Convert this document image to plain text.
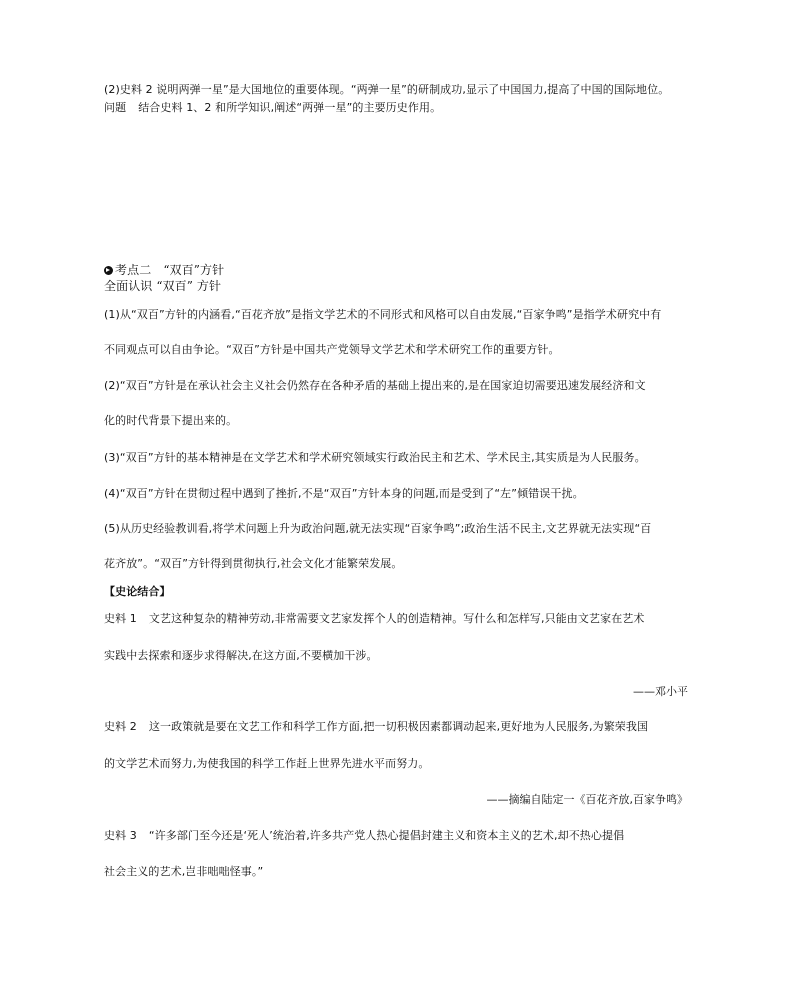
(2)史料 2 说明两弹一星”是大国地位的重要体现。“两弹一星”的研制成功,显示了中国国力,提高了中国的国际地位。
问题 结合史料 1、2 和所学知识,阐述“两弹一星”的主要历史作用。
考点二 “双百”方针
全面认识 “双百” 方针
(1)从“双百”方针的内涵看,“百花齐放”是指文学艺术的不同形式和风格可以自由发展,“百家争鸣”是指学术研究中有
不同观点可以自由争论。“双百”方针是中国共产党领导文学艺术和学术研究工作的重要方针。
(2)“双百”方针是在承认社会主义社会仍然存在各种矛盾的基础上提出来的,是在国家迫切需要迅速发展经济和文
化的时代背景下提出来的。
(3)“双百”方针的基本精神是在文学艺术和学术研究领域实行政治民主和艺术、学术民主,其实质是为人民服务。
(4)“双百”方针在贯彻过程中遇到了挫折,不是“双百”方针本身的问题,而是受到了“左”倾错误干扰。
(5)从历史经验教训看,将学术问题上升为政治问题,就无法实现“百家争鸣”;政治生活不民主,文艺界就无法实现“百
花齐放”。“双百”方针得到贯彻执行,社会文化才能繁荣发展。
【史论结合】
史料 1 文艺这种复杂的精神劳动,非常需要文艺家发挥个人的创造精神。写什么和怎样写,只能由文艺家在艺术
实践中去探索和逐步求得解决,在这方面,不要横加干涉。
——邓小平
史料 2 这一政策就是要在文艺工作和科学工作方面,把一切积极因素都调动起来,更好地为人民服务,为繁荣我国
的文学艺术而努力,为使我国的科学工作赶上世界先进水平而努力。
——摘编自陆定一《百花齐放,百家争鸣》
史料 3 “许多部门至今还是‘死人’统治着,许多共产党人热心提倡封建主义和资本主义的艺术,却不热心提倡
社会主义的艺术,岂非咄咄怪事。”
